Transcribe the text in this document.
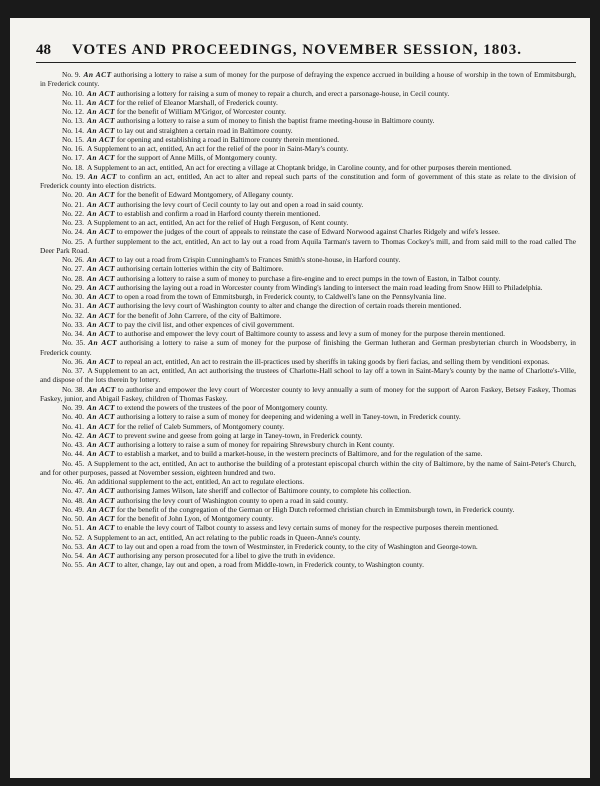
48 VOTES AND PROCEEDINGS, NOVEMBER SESSION, 1803.
No. 9. An ACT authorising a lottery to raise a sum of money for the purpose of defraying the expence accrued in building a house of worship in the town of Emmitsburgh, in Frederick county.
No. 10. An ACT authorising a lottery for raising a sum of money to repair a church, and erect a parsonage-house, in Cecil county.
No. 11. An ACT for the relief of Eleanor Marshall, of Frederick county.
No. 12. An ACT for the benefit of William M'Grigor, of Worcester county.
No. 13. An ACT authorising a lottery to raise a sum of money to finish the baptist frame meeting-house in Baltimore county.
No. 14. An ACT to lay out and straighten a certain road in Baltimore county.
No. 15. An ACT for opening and establishing a road in Baltimore county therein mentioned.
No. 16. A Supplement to an act, entitled, An act for the relief of the poor in Saint-Mary's county.
No. 17. An ACT for the support of Anne Mills, of Montgomery county.
No. 18. A Supplement to an act, entitled, An act for erecting a village at Choptank bridge, in Caroline county, and for other purposes therein mentioned.
No. 19. An ACT to confirm an act, entitled, An act to alter and repeal such parts of the constitution and form of government of this state as relate to the division of Frederick county into election districts.
No. 20. An ACT for the benefit of Edward Montgomery, of Allegany county.
No. 21. An ACT authorising the levy court of Cecil county to lay out and open a road in said county.
No. 22. An ACT to establish and confirm a road in Harford county therein mentioned.
No. 23. A Supplement to an act, entitled, An act for the relief of Hugh Ferguson, of Kent county.
No. 24. An ACT to empower the judges of the court of appeals to reinstate the case of Edward Norwood against Charles Ridgely and wife's lessee.
No. 25. A further supplement to the act, entitled, An act to lay out a road from Aquila Tarman's tavern to Thomas Cockey's mill, and from said mill to the road called The Deer Park Road.
No. 26. An ACT to lay out a road from Crispin Cunningham's to Frances Smith's stone-house, in Harford county.
No. 27. An ACT authorising certain lotteries within the city of Baltimore.
No. 28. An ACT authorising a lottery to raise a sum of money to purchase a fire-engine and to erect pumps in the town of Easton, in Talbot county.
No. 29. An ACT authorising the laying out a road in Worcester county from Winding's landing to intersect the main road leading from Snow Hill to Philadelphia.
No. 30. An ACT to open a road from the town of Emmitsburgh, in Frederick county, to Caldwell's lane on the Pennsylvania line.
No. 31. An ACT authorising the levy court of Washington county to alter and change the direction of certain roads therein mentioned.
No. 32. An ACT for the benefit of John Carrere, of the city of Baltimore.
No. 33. An ACT to pay the civil list, and other expences of civil government.
No. 34. An ACT to authorise and empower the levy court of Baltimore county to assess and levy a sum of money for the purpose therein mentioned.
No. 35. An ACT authorising a lottery to raise a sum of money for the purpose of finishing the German lutheran and German presbyterian church in Woodsberry, in Frederick county.
No. 36. An ACT to repeal an act, entitled, An act to restrain the ill-practices used by sheriffs in taking goods by fieri facias, and selling them by venditioni exponas.
No. 37. A Supplement to an act, entitled, An act authorising the trustees of Charlotte-Hall school to lay off a town in Saint-Mary's county by the name of Charlotte's-Ville, and dispose of the lots therein by lottery.
No. 38. An ACT to authorise and empower the levy court of Worcester county to levy annually a sum of money for the support of Aaron Faskey, Betsey Faskey, Thomas Faskey, junior, and Abigail Faskey, children of Thomas Faskey.
No. 39. An ACT to extend the powers of the trustees of the poor of Montgomery county.
No. 40. An ACT authorising a lottery to raise a sum of money for deepening and widening a well in Taney-town, in Frederick county.
No. 41. An ACT for the relief of Caleb Summers, of Montgomery county.
No. 42. An ACT to prevent swine and geese from going at large in Taney-town, in Frederick county.
No. 43. An ACT authorising a lottery to raise a sum of money for repairing Shrewsbury church in Kent county.
No. 44. An ACT to establish a market, and to build a market-house, in the western precincts of Baltimore, and for the regulation of the same.
No. 45. A Supplement to the act, entitled, An act to authorise the building of a protestant episcopal church within the city of Baltimore, by the name of Saint-Peter's Church, and for other purposes, passed at November session, eighteen hundred and two.
No. 46. An additional supplement to the act, entitled, An act to regulate elections.
No. 47. An ACT authorising James Wilson, late sheriff and collector of Baltimore county, to complete his collection.
No. 48. An ACT authorising the levy court of Washington county to open a road in said county.
No. 49. An ACT for the benefit of the congregation of the German or High Dutch reformed christian church in Emmitsburgh town, in Frederick county.
No. 50. An ACT for the benefit of John Lyon, of Montgomery county.
No. 51. An ACT to enable the levy court of Talbot county to assess and levy certain sums of money for the respective purposes therein mentioned.
No. 52. A Supplement to an act, entitled, An act relating to the public roads in Queen-Anne's county.
No. 53. An ACT to lay out and open a road from the town of Westminster, in Frederick county, to the city of Washington and George-town.
No. 54. An ACT authorising any person prosecuted for a libel to give the truth in evidence.
No. 55. An ACT to alter, change, lay out and open, a road from Middle-town, in Frederick county, to Washington county.
